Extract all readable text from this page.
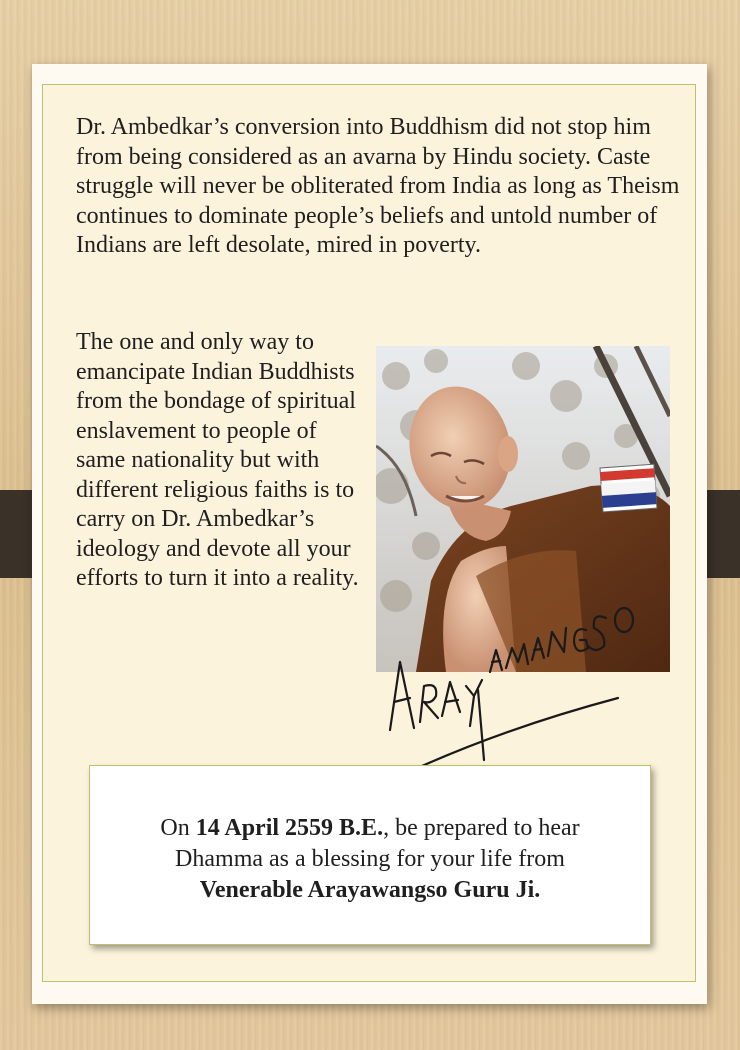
Dr. Ambedkar’s conversion into Buddhism did not stop him from being considered as an avarna by Hindu society. Caste struggle will never be obliterated from India as long as Theism continues to dominate people’s beliefs and untold number of Indians are left desolate, mired in poverty.

The one and only way to emancipate Indian Buddhists from the bondage of spiritual enslavement to people of same nationality but with different religious faiths is to carry on Dr. Ambedkar’s ideology and devote all your efforts to turn it into a reality.

On 14 April 2559 B.E., be prepared to hear
Dhamma as a blessing for your life from
Venerable Arayawangso Guru Ji.
